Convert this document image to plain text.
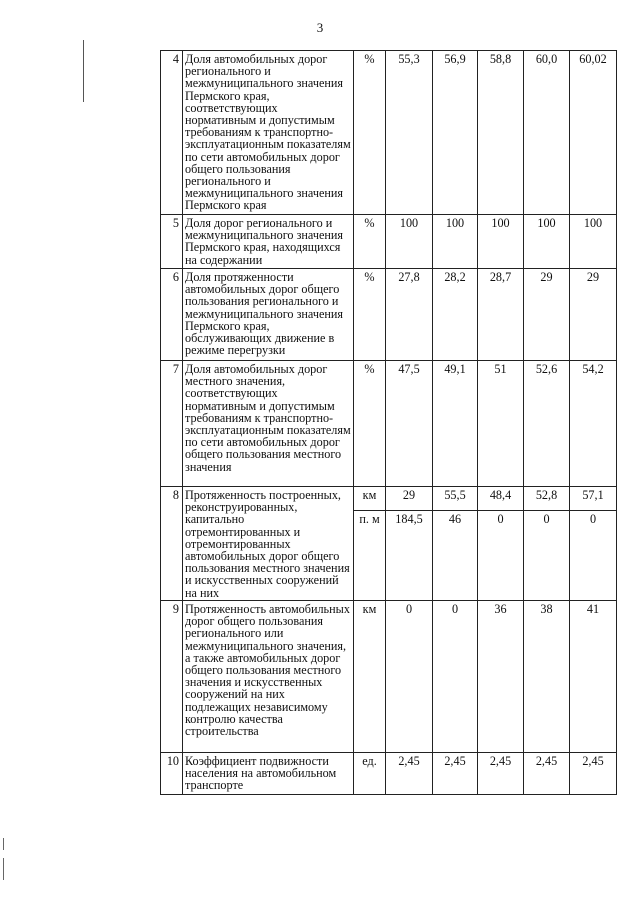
3
4	Доля автомобильных дорог регионального и межмуниципального значения Пермского края, соответствующих нормативным и допустимым требованиям к транспортно-эксплуатационным показателям по сети автомобильных дорог общего пользования регионального и межмуниципального значения Пермского края	%	55,3	56,9	58,8	60,0	60,02
5	Доля дорог регионального и межмуниципального значения Пермского края, находящихся на содержании	%	100	100	100	100	100
6	Доля протяженности автомобильных дорог общего пользования регионального и межмуниципального значения Пермского края, обслуживающих движение в режиме перегрузки	%	27,8	28,2	28,7	29	29
7	Доля автомобильных дорог местного значения, соответствующих нормативным и допустимым требованиям к транспортно-эксплуатационным показателям по сети автомобильных дорог общего пользования местного значения	%	47,5	49,1	51	52,6	54,2
8	Протяженность построенных, реконструированных, капитально отремонтированных и отремонтированных автомобильных дорог общего пользования местного значения и искусственных сооружений на них	км	29	55,5	48,4	52,8	57,1
		п. м	184,5	46	0	0	0
9	Протяженность автомобильных дорог общего пользования регионального или межмуниципального значения, а также автомобильных дорог общего пользования местного значения и искусственных сооружений на них подлежащих независимому контролю качества строительства	км	0	0	36	38	41
10	Коэффициент подвижности населения на автомобильном транспорте	ед.	2,45	2,45	2,45	2,45	2,45
